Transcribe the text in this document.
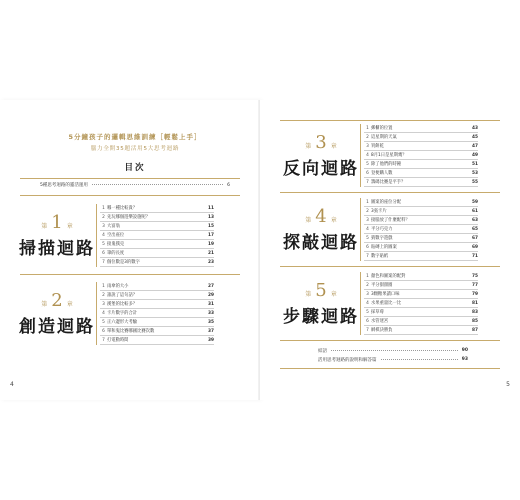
5分鐘孩子的邏輯思維訓練［輕鬆上手］
腦力全開35題活用5大思考迴路
目次
5種思考迴路的靈活運用	6
第 1 章
掃描迴路
1 哪一種比較貴？	11
2 先玩哪個遊樂設施呢？	13
3 大富翁	15
4 空出座位	17
5 接鬼撲克	19
6 筆的長度	21
7 個位數是3的數字	23
第 2 章
創造迴路
1 雨傘的大小	27
2 誰說了這句話？	29
3 漢堡的比較多？	31
4 卡片數字的合計	33
5 正六邊形大考驗	35
6 單和鬼比賽哪國比賽次數	37
7 打電動時間	39
4
第 3 章
反向迴路
1 郵櫃的位置	43
2 這星期的天氣	45
3 買餅乾	47
4 8月1日是星期幾？	49
5 除了他們的時鐘	51
6 登便購人數	53
7 籌碼比賽是平手？	55
第 4 章
探敲迴路
1 圖案的座位分配	59
2 3張卡片	61
3 接腦放了什麼配料？	63
4 平分巧克力	65
5 猜數字遊戲	67
6 貼磚上的圖案	69
7 數字貼紙	71
第 5 章
步驟迴路
1 顏色和圖案的配對	75
2 平分甜甜圈	77
3 3顆糖果讀口味	79
4 水果重量比一比	81
5 採草莓	83
6 水管迷宮	85
7 網棋決勝負	87
結語	90
活用思考迴路的說明和解答篇	93
5
